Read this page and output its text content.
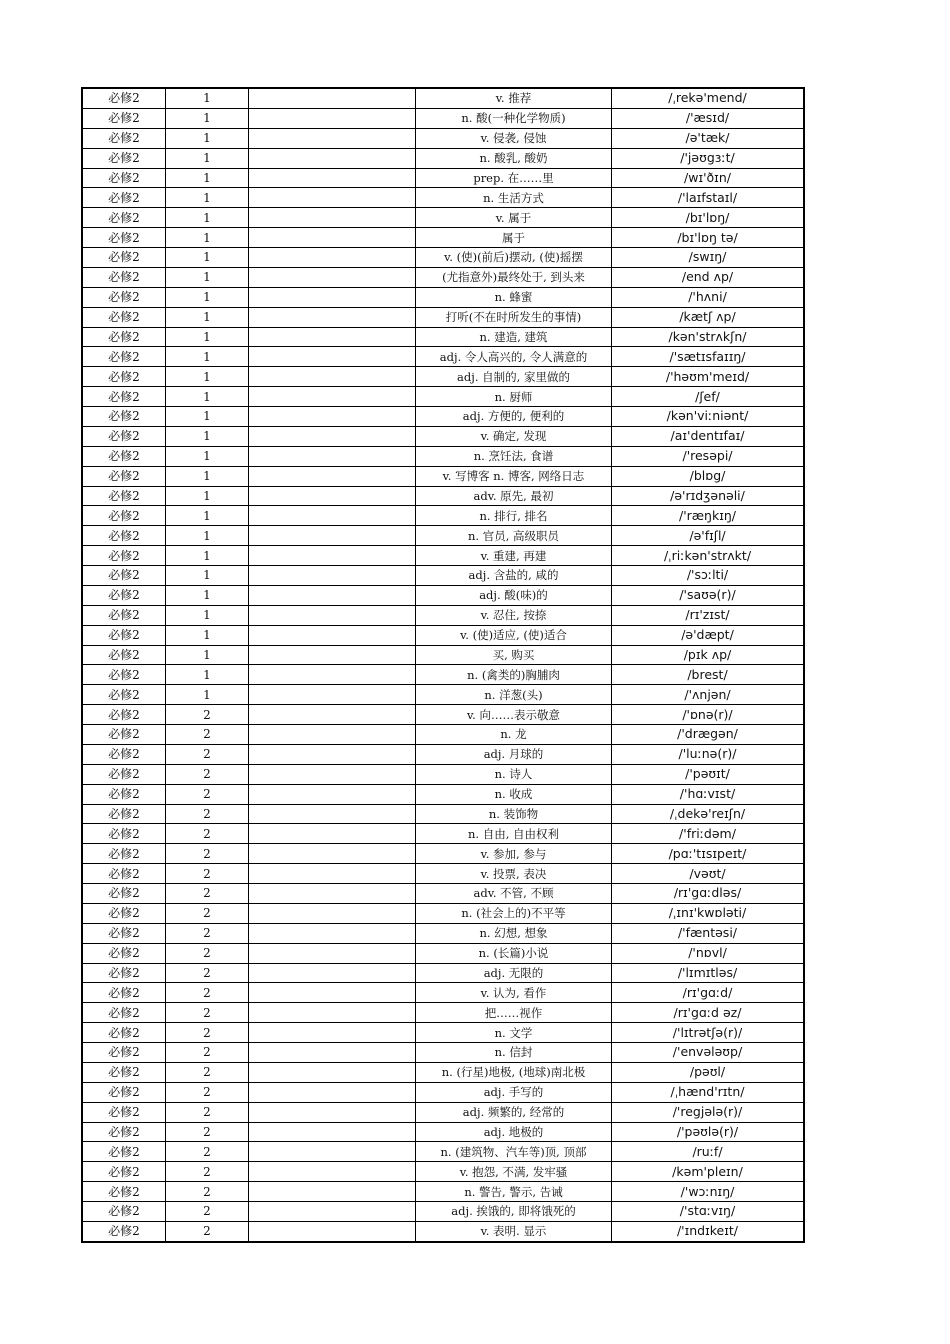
必修2	1		v. 推荐	/ˌrekə'mend/
必修2	1		n. 酸(一种化学物质)	/'æsɪd/
必修2	1		v. 侵袭, 侵蚀	/ə'tæk/
必修2	1		n. 酸乳, 酸奶	/'jəʊgɜːt/
必修2	1		prep. 在……里	/wɪ'ðɪn/
必修2	1		n. 生活方式	/'laɪfstaɪl/
必修2	1		v. 属于	/bɪ'lɒŋ/
必修2	1		属于	/bɪ'lɒŋ tə/
必修2	1		v. (使)(前后)摆动, (使)摇摆	/swɪŋ/
必修2	1		(尤指意外)最终处于, 到头来	/end ʌp/
必修2	1		n. 蜂蜜	/'hʌni/
必修2	1		打听(不在时所发生的事情)	/kætʃ ʌp/
必修2	1		n. 建造, 建筑	/kən'strʌkʃn/
必修2	1		adj. 令人高兴的, 令人满意的	/'sætɪsfaɪɪŋ/
必修2	1		adj. 自制的, 家里做的	/'həʊm'meɪd/
必修2	1		n. 厨师	/ʃef/
必修2	1		adj. 方便的, 便利的	/kən'viːniənt/
必修2	1		v. 确定, 发现	/aɪ'dentɪfaɪ/
必修2	1		n. 烹饪法, 食谱	/'resəpi/
必修2	1		v. 写博客 n. 博客, 网络日志	/blɒg/
必修2	1		adv. 原先, 最初	/ə'rɪdʒənəli/
必修2	1		n. 排行, 排名	/'ræŋkɪŋ/
必修2	1		n. 官员, 高级职员	/ə'fɪʃl/
必修2	1		v. 重建, 再建	/ˌriːkən'strʌkt/
必修2	1		adj. 含盐的, 咸的	/'sɔːlti/
必修2	1		adj. 酸(味)的	/'saʊə(r)/
必修2	1		v. 忍住, 按捺	/rɪ'zɪst/
必修2	1		v. (使)适应, (使)适合	/ə'dæpt/
必修2	1		买, 购买	/pɪk ʌp/
必修2	1		n. (禽类的)胸脯肉	/brest/
必修2	1		n. 洋葱(头)	/'ʌnjən/
必修2	2		v. 向……表示敬意	/'ɒnə(r)/
必修2	2		n. 龙	/'drægən/
必修2	2		adj. 月球的	/'luːnə(r)/
必修2	2		n. 诗人	/'pəʊɪt/
必修2	2		n. 收成	/'hɑːvɪst/
必修2	2		n. 装饰物	/ˌdekə'reɪʃn/
必修2	2		n. 自由, 自由权利	/'friːdəm/
必修2	2		v. 参加, 参与	/pɑː'tɪsɪpeɪt/
必修2	2		v. 投票, 表决	/vəʊt/
必修2	2		adv. 不管, 不顾	/rɪ'gɑːdləs/
必修2	2		n. (社会上的)不平等	/ˌɪnɪ'kwɒləti/
必修2	2		n. 幻想, 想象	/'fæntəsi/
必修2	2		n. (长篇)小说	/'nɒvl/
必修2	2		adj. 无限的	/'lɪmɪtləs/
必修2	2		v. 认为, 看作	/rɪ'gɑːd/
必修2	2		把……视作	/rɪ'gɑːd əz/
必修2	2		n. 文学	/'lɪtrətʃə(r)/
必修2	2		n. 信封	/'envələʊp/
必修2	2		n. (行星)地极, (地球)南北极	/pəʊl/
必修2	2		adj. 手写的	/ˌhænd'rɪtn/
必修2	2		adj. 频繁的, 经常的	/'regjələ(r)/
必修2	2		adj. 地极的	/'pəʊlə(r)/
必修2	2		n. (建筑物、汽车等)顶, 顶部	/ruːf/
必修2	2		v. 抱怨, 不满, 发牢骚	/kəm'pleɪn/
必修2	2		n. 警告, 警示, 告诫	/'wɔːnɪŋ/
必修2	2		adj. 挨饿的, 即将饿死的	/'stɑːvɪŋ/
必修2	2		v. 表明. 显示	/'ɪndɪkeɪt/
